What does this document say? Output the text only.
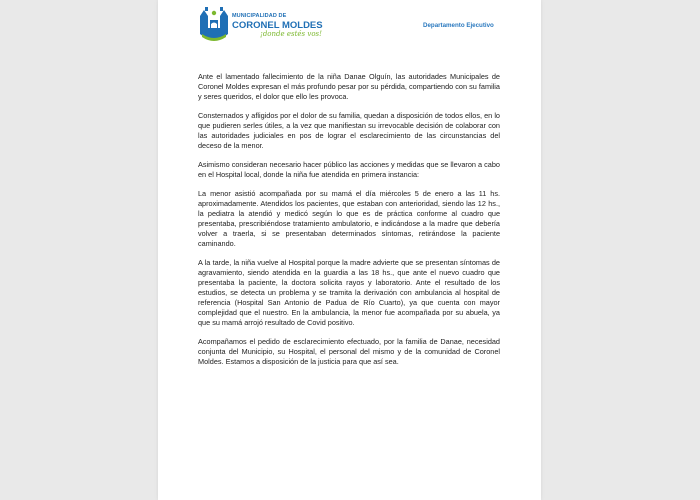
MUNICIPALIDAD DE
CORONEL MOLDES
¡donde estés vos!
Departamento Ejecutivo

Ante el lamentado fallecimiento de la niña Danae Olguín, las autoridades Municipales de Coronel Moldes expresan el más profundo pesar por su pérdida, compartiendo con su familia y seres queridos, el dolor que ello les provoca.

Consternados y afligidos por el dolor de su familia, quedan a disposición de todos ellos, en lo que pudieren serles útiles, a la vez que manifiestan su irrevocable decisión de colaborar con las autoridades judiciales en pos de lograr el esclarecimiento de las circunstancias del deceso de la menor.

Asimismo consideran necesario hacer público las acciones y medidas que se llevaron a cabo en el Hospital local, donde la niña fue atendida en primera instancia:

La menor asistió acompañada por su mamá el día miércoles 5 de enero a las 11 hs. aproximadamente. Atendidos los pacientes, que estaban con anterioridad, siendo las 12 hs., la pediatra la atendió y medicó según lo que es de práctica conforme al cuadro que presentaba, prescribiéndose tratamiento ambulatorio, e indicándose a la madre que debería volver a traerla, si se presentaban determinados síntomas, retirándose la paciente caminando.

A la tarde, la niña vuelve al Hospital porque la madre advierte que se presentan síntomas de agravamiento, siendo atendida en la guardia a las 18 hs., que ante el nuevo cuadro que presentaba la paciente, la doctora solicita rayos y laboratorio. Ante el resultado de los estudios, se detecta un problema y se tramita la derivación con ambulancia al hospital de referencia (Hospital San Antonio de Padua de Río Cuarto), ya que cuenta con mayor complejidad que el nuestro. En la ambulancia, la menor fue acompañada por su abuela, ya que su mamá arrojó resultado de Covid positivo.

Acompañamos el pedido de esclarecimiento efectuado, por la familia de Danae, necesidad conjunta del Municipio, su Hospital, el personal del mismo y de la comunidad de Coronel Moldes. Estamos a disposición de la justicia para que así sea.
